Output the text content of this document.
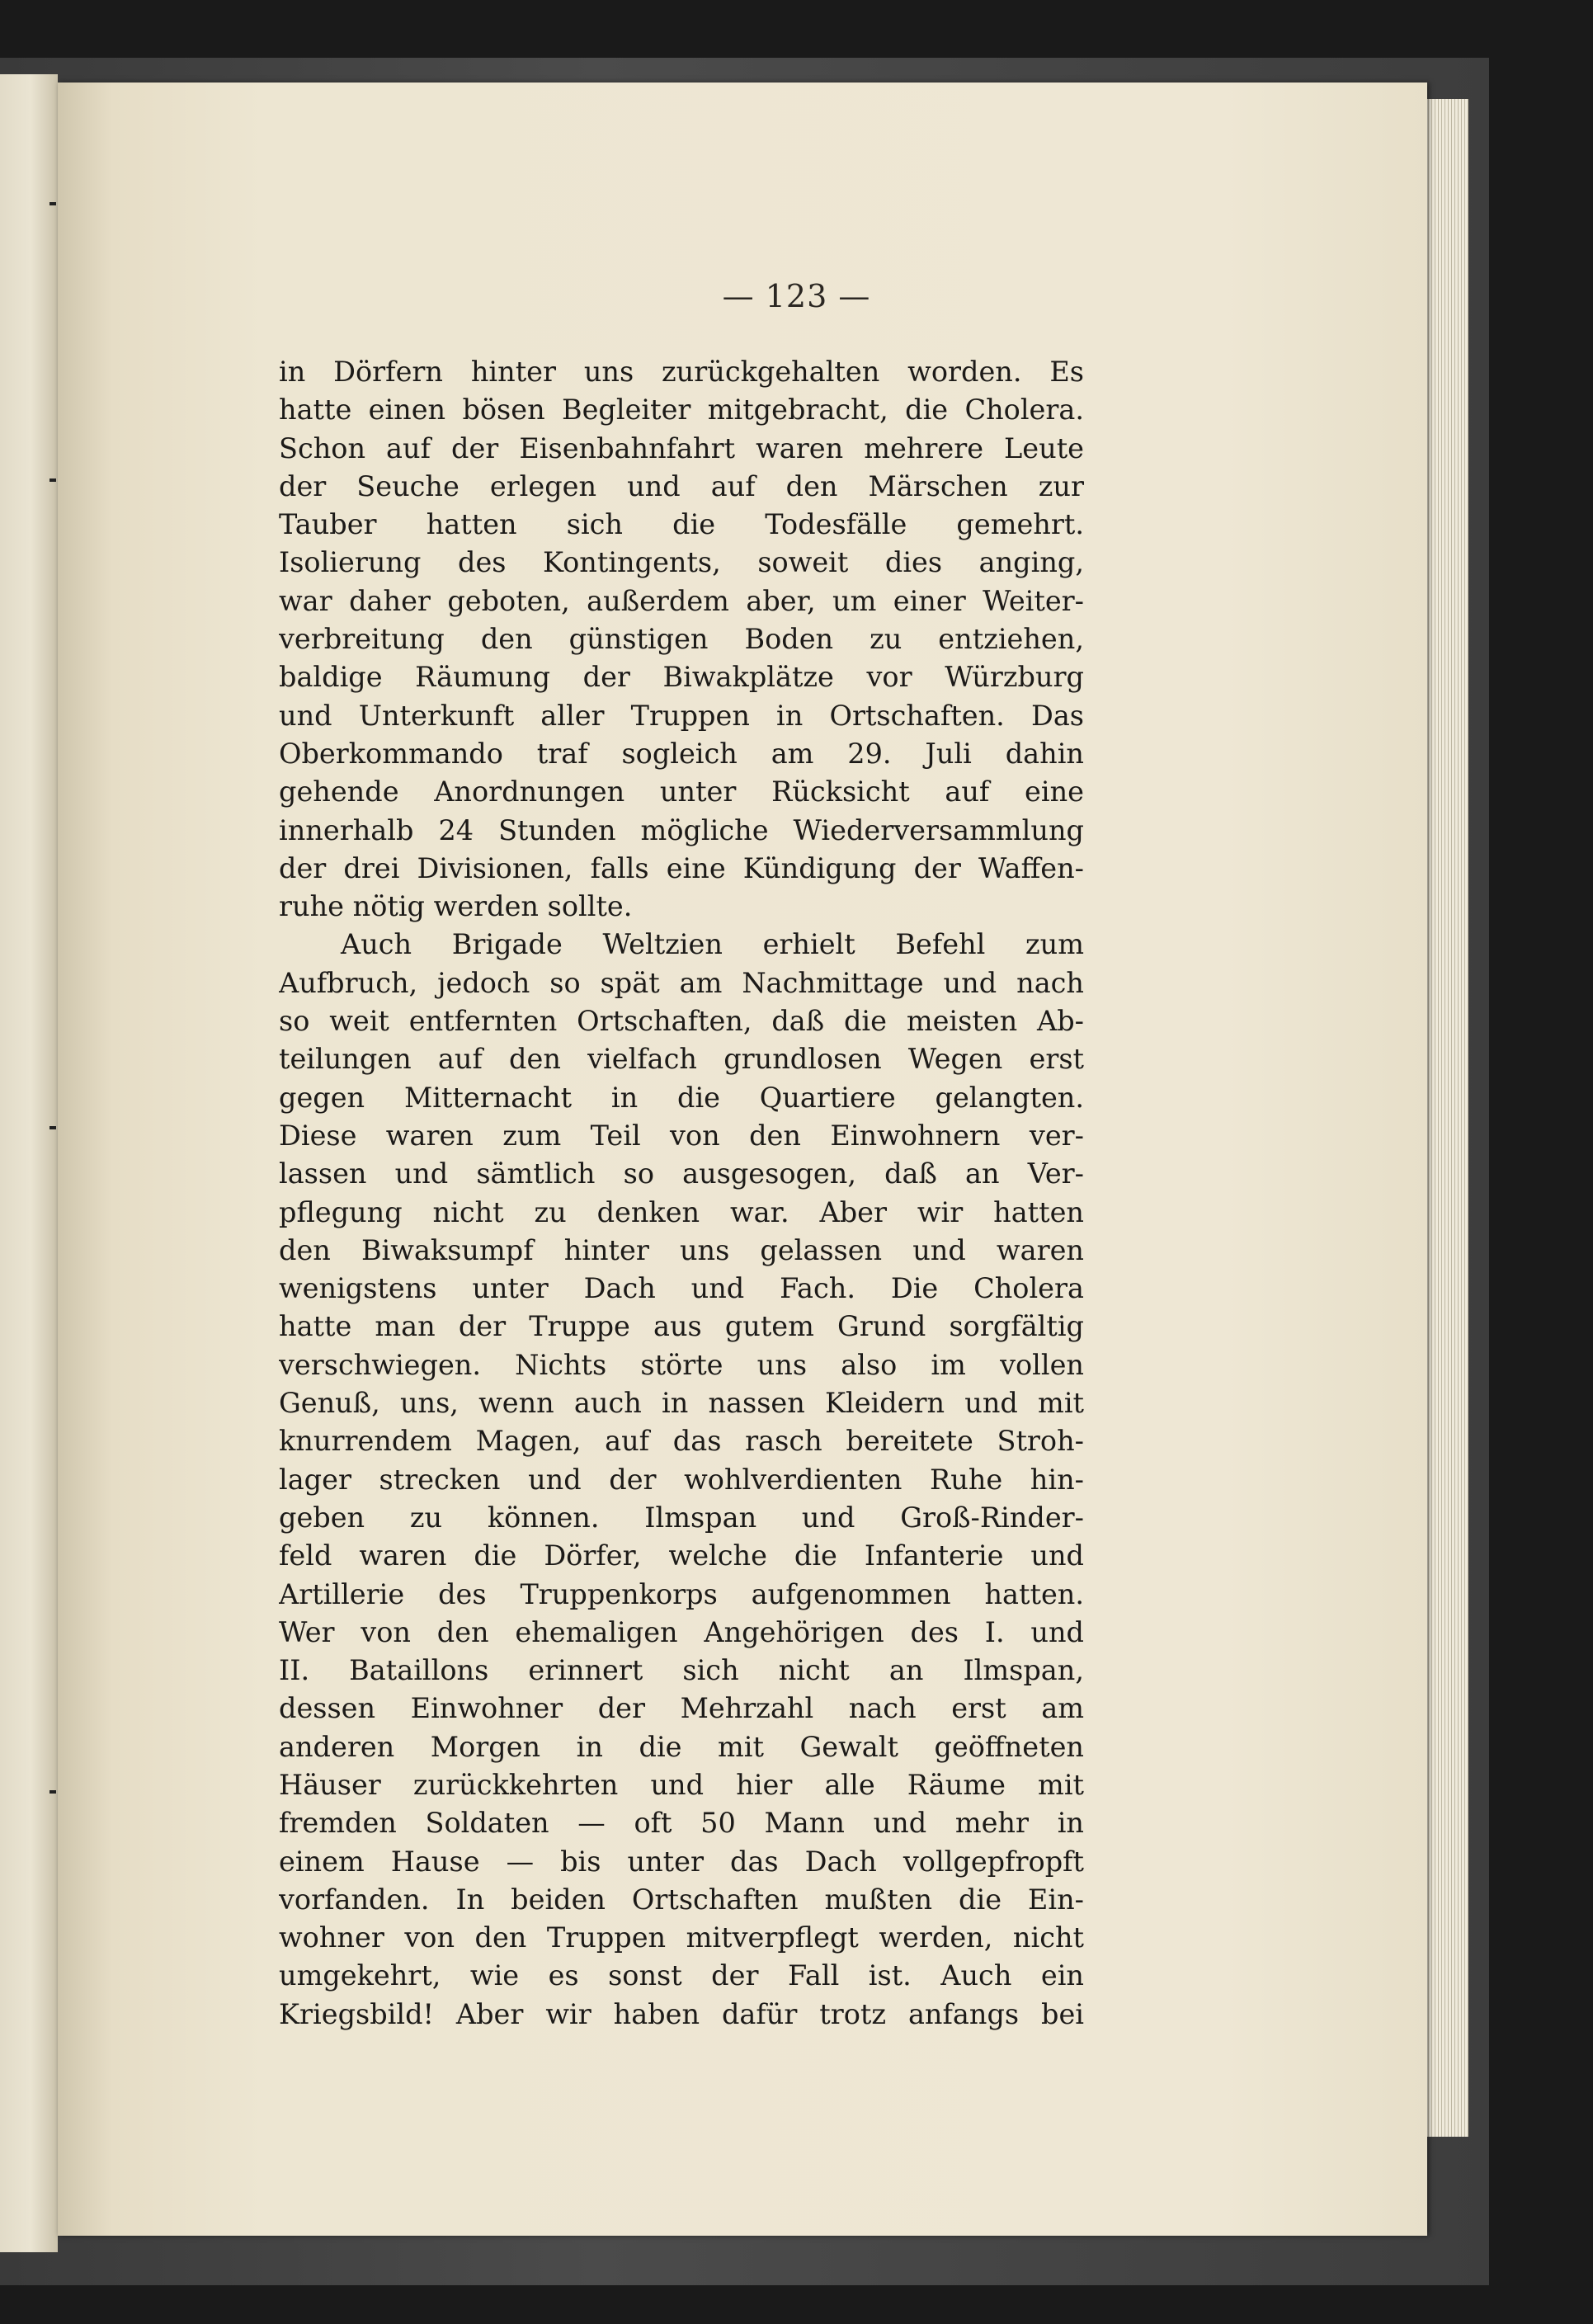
— 123 —
in Dörfern hinter uns zurückgehalten worden. Es
hatte einen bösen Begleiter mitgebracht, die Cholera.
Schon auf der Eisenbahnfahrt waren mehrere Leute
der Seuche erlegen und auf den Märschen zur
Tauber hatten sich die Todesfälle gemehrt.
Isolierung des Kontingents, soweit dies anging,
war daher geboten, außerdem aber, um einer Weiter-
verbreitung den günstigen Boden zu entziehen,
baldige Räumung der Biwakplätze vor Würzburg
und Unterkunft aller Truppen in Ortschaften. Das
Oberkommando traf sogleich am 29. Juli dahin
gehende Anordnungen unter Rücksicht auf eine
innerhalb 24 Stunden mögliche Wiederversammlung
der drei Divisionen, falls eine Kündigung der Waffen-
ruhe nötig werden sollte.
Auch Brigade Weltzien erhielt Befehl zum
Aufbruch, jedoch so spät am Nachmittage und nach
so weit entfernten Ortschaften, daß die meisten Ab-
teilungen auf den vielfach grundlosen Wegen erst
gegen Mitternacht in die Quartiere gelangten.
Diese waren zum Teil von den Einwohnern ver-
lassen und sämtlich so ausgesogen, daß an Ver-
pflegung nicht zu denken war. Aber wir hatten
den Biwaksumpf hinter uns gelassen und waren
wenigstens unter Dach und Fach. Die Cholera
hatte man der Truppe aus gutem Grund sorgfältig
verschwiegen. Nichts störte uns also im vollen
Genuß, uns, wenn auch in nassen Kleidern und mit
knurrendem Magen, auf das rasch bereitete Stroh-
lager strecken und der wohlverdienten Ruhe hin-
geben zu können. Ilmspan und Groß-Rinder-
feld waren die Dörfer, welche die Infanterie und
Artillerie des Truppenkorps aufgenommen hatten.
Wer von den ehemaligen Angehörigen des I. und
II. Bataillons erinnert sich nicht an Ilmspan,
dessen Einwohner der Mehrzahl nach erst am
anderen Morgen in die mit Gewalt geöffneten
Häuser zurückkehrten und hier alle Räume mit
fremden Soldaten — oft 50 Mann und mehr in
einem Hause — bis unter das Dach vollgepfropft
vorfanden. In beiden Ortschaften mußten die Ein-
wohner von den Truppen mitverpflegt werden, nicht
umgekehrt, wie es sonst der Fall ist. Auch ein
Kriegsbild! Aber wir haben dafür trotz anfangs bei
